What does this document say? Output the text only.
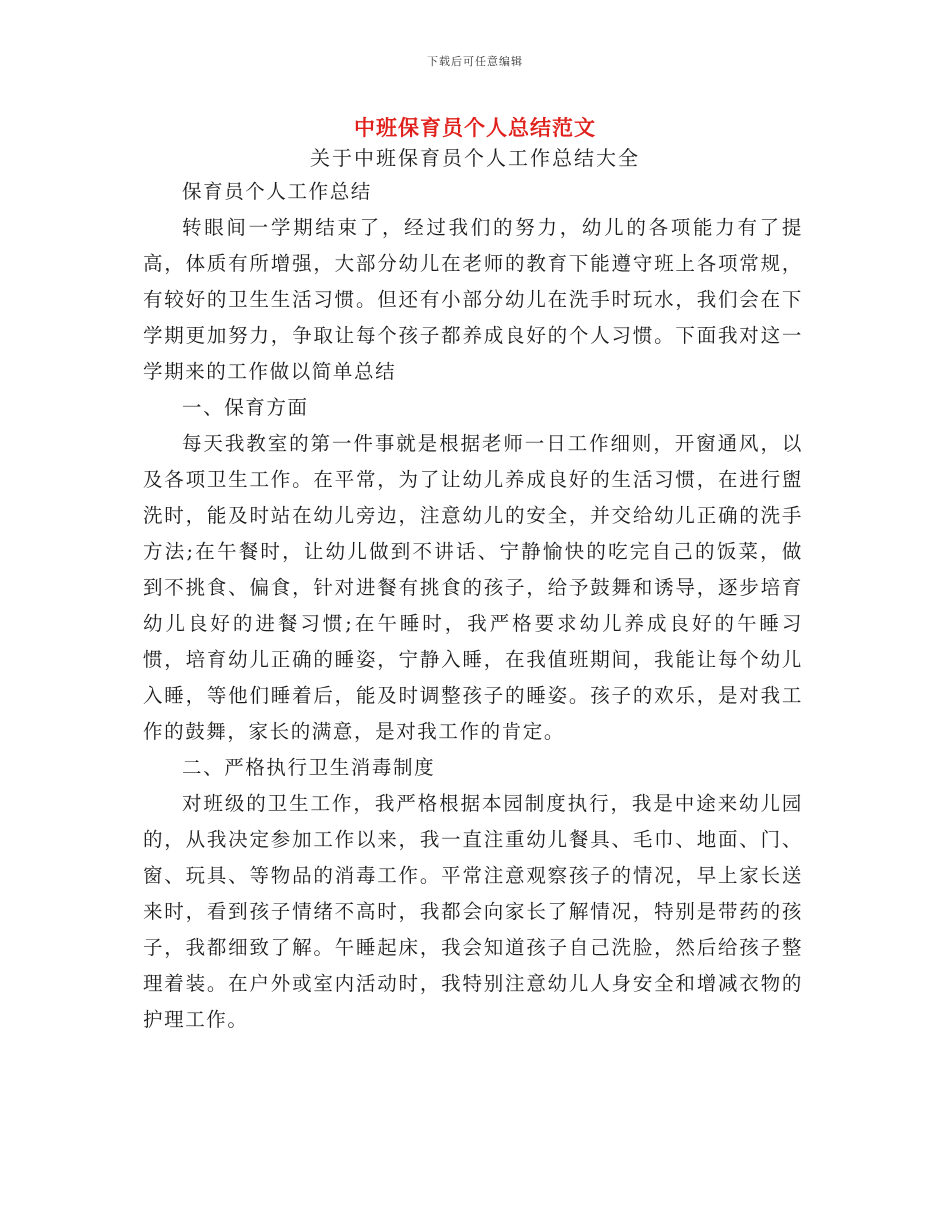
下载后可任意编辑
中班保育员个人总结范文
关于中班保育员个人工作总结大全

保育员个人工作总结

转眼间一学期结束了，经过我们的努力，幼儿的各项能力有了提高，体质有所增强，大部分幼儿在老师的教育下能遵守班上各项常规，有较好的卫生生活习惯。但还有小部分幼儿在洗手时玩水，我们会在下学期更加努力，争取让每个孩子都养成良好的个人习惯。下面我对这一学期来的工作做以简单总结

一、保育方面

每天我教室的第一件事就是根据老师一日工作细则，开窗通风，以及各项卫生工作。在平常，为了让幼儿养成良好的生活习惯，在进行盥洗时，能及时站在幼儿旁边，注意幼儿的安全，并交给幼儿正确的洗手方法;在午餐时，让幼儿做到不讲话、宁静愉快的吃完自己的饭菜，做到不挑食、偏食，针对进餐有挑食的孩子，给予鼓舞和诱导，逐步培育幼儿良好的进餐习惯;在午睡时，我严格要求幼儿养成良好的午睡习惯，培育幼儿正确的睡姿，宁静入睡，在我值班期间，我能让每个幼儿入睡，等他们睡着后，能及时调整孩子的睡姿。孩子的欢乐，是对我工作的鼓舞，家长的满意，是对我工作的肯定。

二、严格执行卫生消毒制度

对班级的卫生工作，我严格根据本园制度执行，我是中途来幼儿园的，从我决定参加工作以来，我一直注重幼儿餐具、毛巾、地面、门、窗、玩具、等物品的消毒工作。平常注意观察孩子的情况，早上家长送来时，看到孩子情绪不高时，我都会向家长了解情况，特别是带药的孩子，我都细致了解。午睡起床，我会知道孩子自己洗脸，然后给孩子整理着装。在户外或室内活动时，我特别注意幼儿人身安全和增减衣物的护理工作。
